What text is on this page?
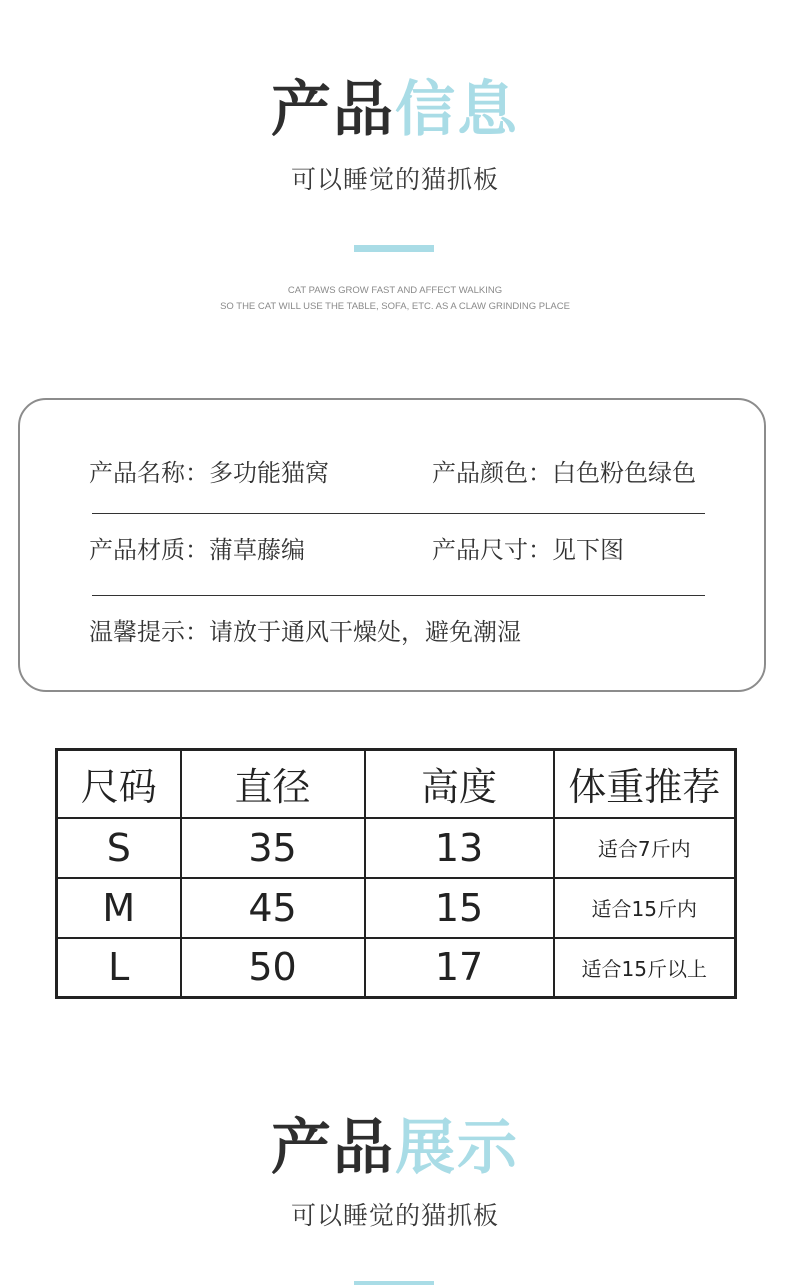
产品信息
可以睡觉的猫抓板
CAT PAWS GROW FAST AND AFFECT WALKING
SO THE CAT WILL USE THE TABLE, SOFA, ETC. AS A CLAW GRINDING PLACE
产品名称：多功能猫窝	产品颜色：白色粉色绿色
产品材质：蒲草藤编	产品尺寸：见下图
温馨提示：请放于通风干燥处，避免潮湿
尺码	直径	高度	体重推荐
S	35	13	适合7斤内
M	45	15	适合15斤内
L	50	17	适合15斤以上
产品展示
可以睡觉的猫抓板
